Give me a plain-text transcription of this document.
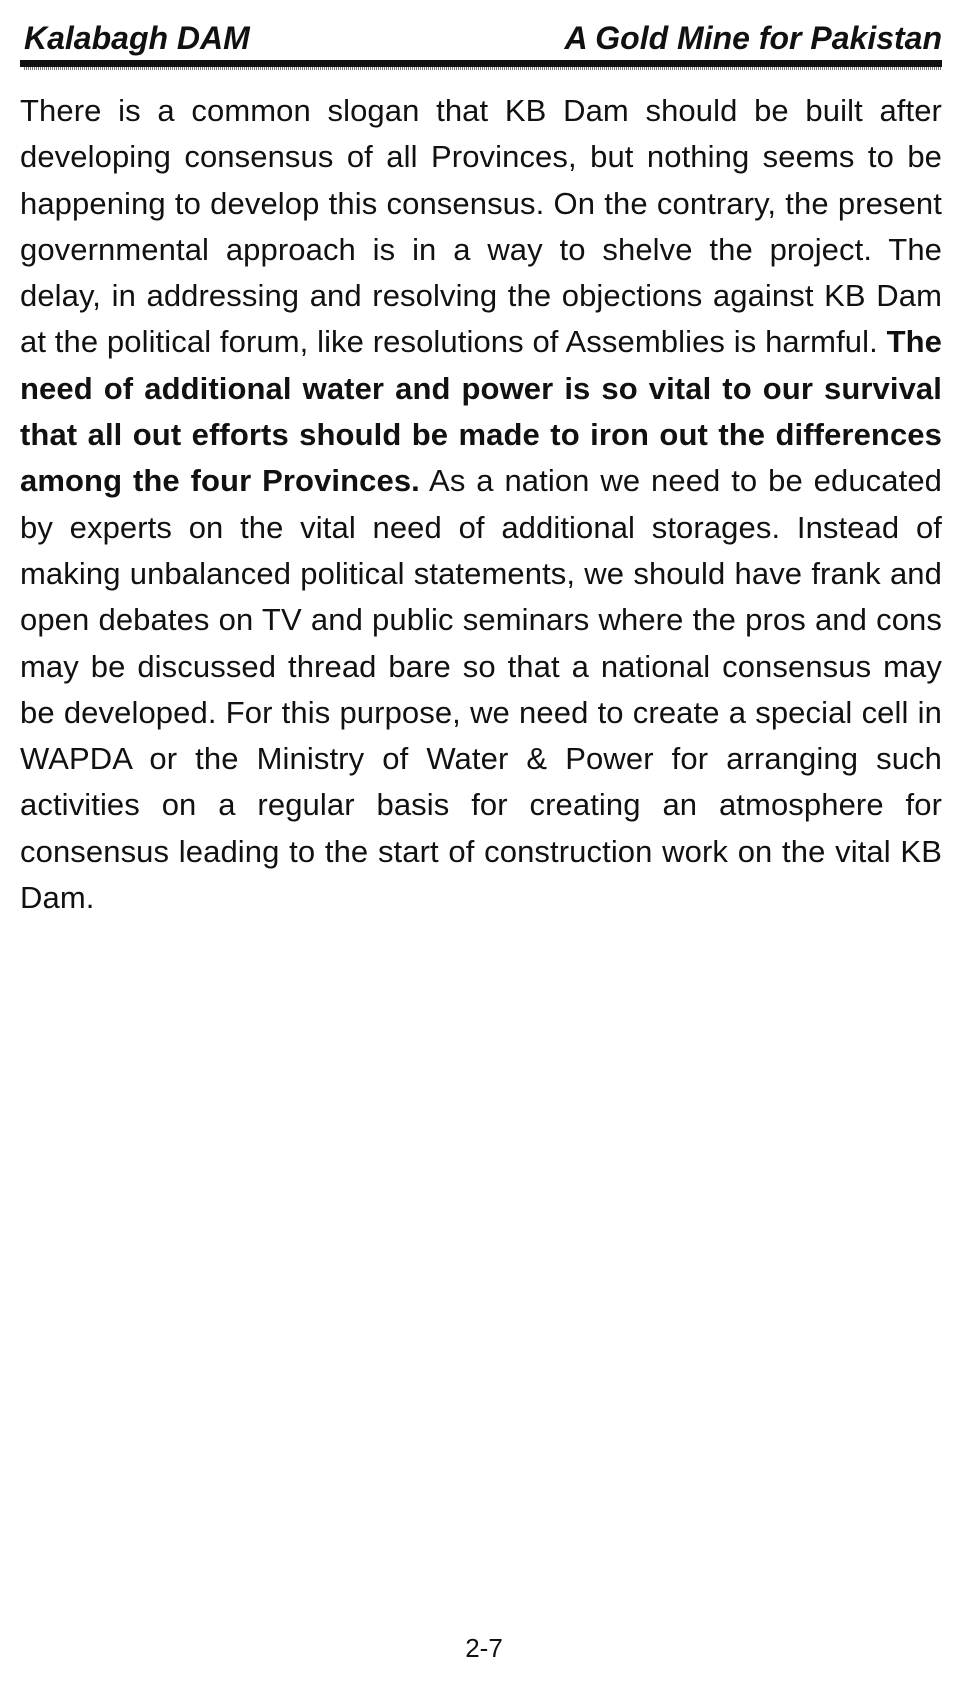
Kalabagh DAM	A Gold Mine for Pakistan

There is a common slogan that KB Dam should be built after developing consensus of all Provinces, but nothing seems to be happening to develop this consensus. On the contrary, the present governmental approach is in a way to shelve the project. The delay, in addressing and resolving the objections against KB Dam at the political forum, like resolutions of Assemblies is harmful. The need of additional water and power is so vital to our survival that all out efforts should be made to iron out the differences among the four Provinces. As a nation we need to be educated by experts on the vital need of additional storages. Instead of making unbalanced political statements, we should have frank and open debates on TV and public seminars where the pros and cons may be discussed thread bare so that a national consensus may be developed. For this purpose, we need to create a special cell in WAPDA or the Ministry of Water & Power for arranging such activities on a regular basis for creating an atmosphere for consensus leading to the start of construction work on the vital KB Dam.

2-7
